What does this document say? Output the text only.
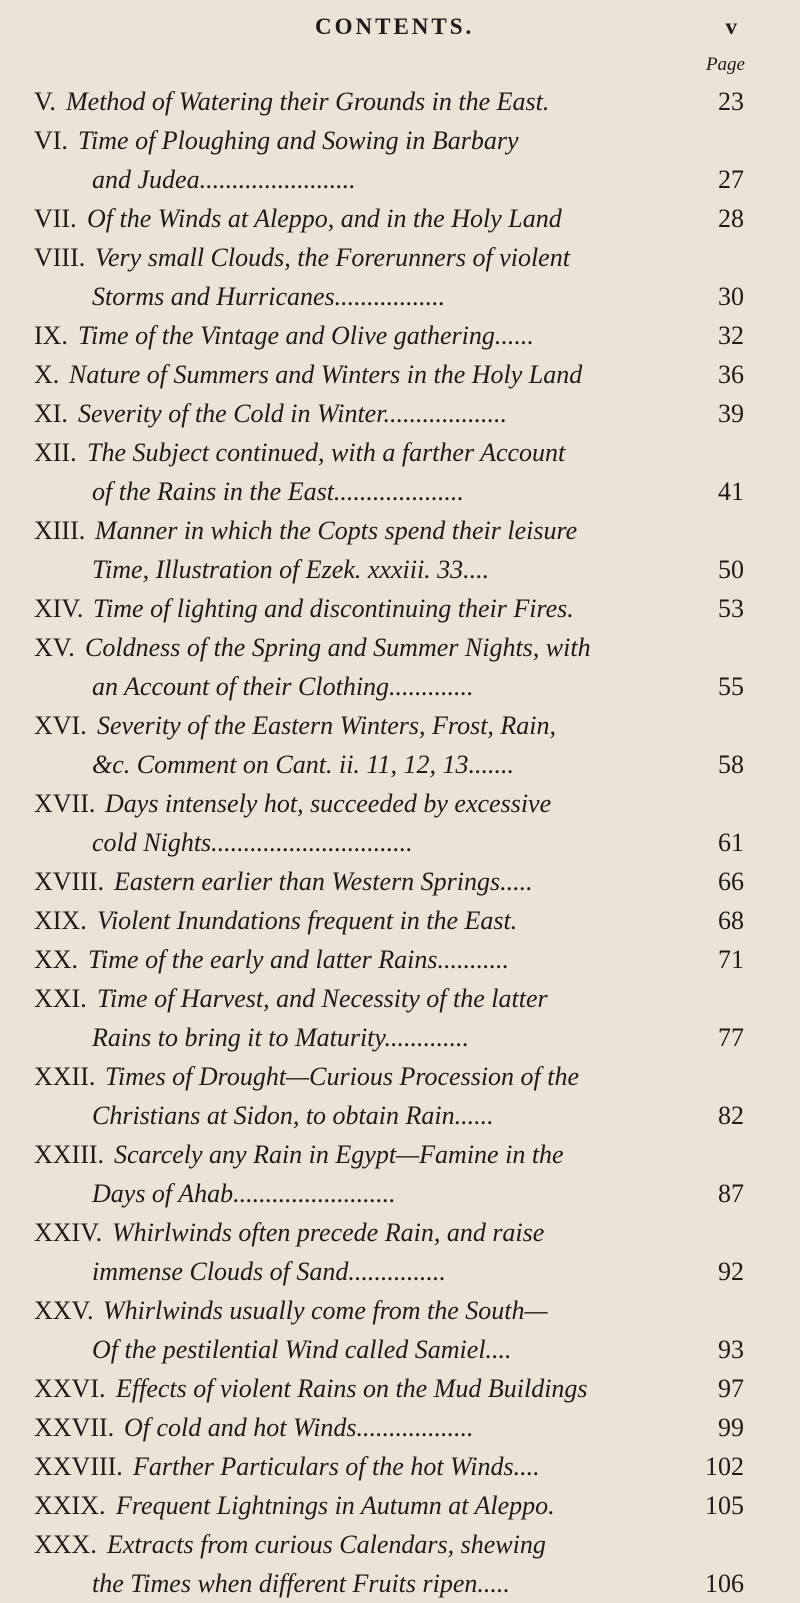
CONTENTS.	v
Page
V. Method of Watering their Grounds in the East.	23
VI. Time of Ploughing and Sowing in Barbary
and Judea........................	27
VII. Of the Winds at Aleppo, and in the Holy Land	28
VIII. Very small Clouds, the Forerunners of violent
Storms and Hurricanes.................	30
IX. Time of the Vintage and Olive gathering......	32
X. Nature of Summers and Winters in the Holy Land	36
XI. Severity of the Cold in Winter...................	39
XII. The Subject continued, with a farther Account
of the Rains in the East....................	41
XIII. Manner in which the Copts spend their leisure
Time, Illustration of Ezek. xxxiii. 33....	50
XIV. Time of lighting and discontinuing their Fires.	53
XV. Coldness of the Spring and Summer Nights, with
an Account of their Clothing.............	55
XVI. Severity of the Eastern Winters, Frost, Rain,
&c. Comment on Cant. ii. 11, 12, 13.......	58
XVII. Days intensely hot, succeeded by excessive
cold Nights...............................	61
XVIII. Eastern earlier than Western Springs.....	66
XIX. Violent Inundations frequent in the East.	68
XX. Time of the early and latter Rains...........	71
XXI. Time of Harvest, and Necessity of the latter
Rains to bring it to Maturity.............	77
XXII. Times of Drought—Curious Procession of the
Christians at Sidon, to obtain Rain......	82
XXIII. Scarcely any Rain in Egypt—Famine in the
Days of Ahab.........................	87
XXIV. Whirlwinds often precede Rain, and raise
immense Clouds of Sand...............	92
XXV. Whirlwinds usually come from the South—
Of the pestilential Wind called Samiel....	93
XXVI. Effects of violent Rains on the Mud Buildings	97
XXVII. Of cold and hot Winds..................	99
XXVIII. Farther Particulars of the hot Winds....	102
XXIX. Frequent Lightnings in Autumn at Aleppo.	105
XXX. Extracts from curious Calendars, shewing
the Times when different Fruits ripen.....	106
